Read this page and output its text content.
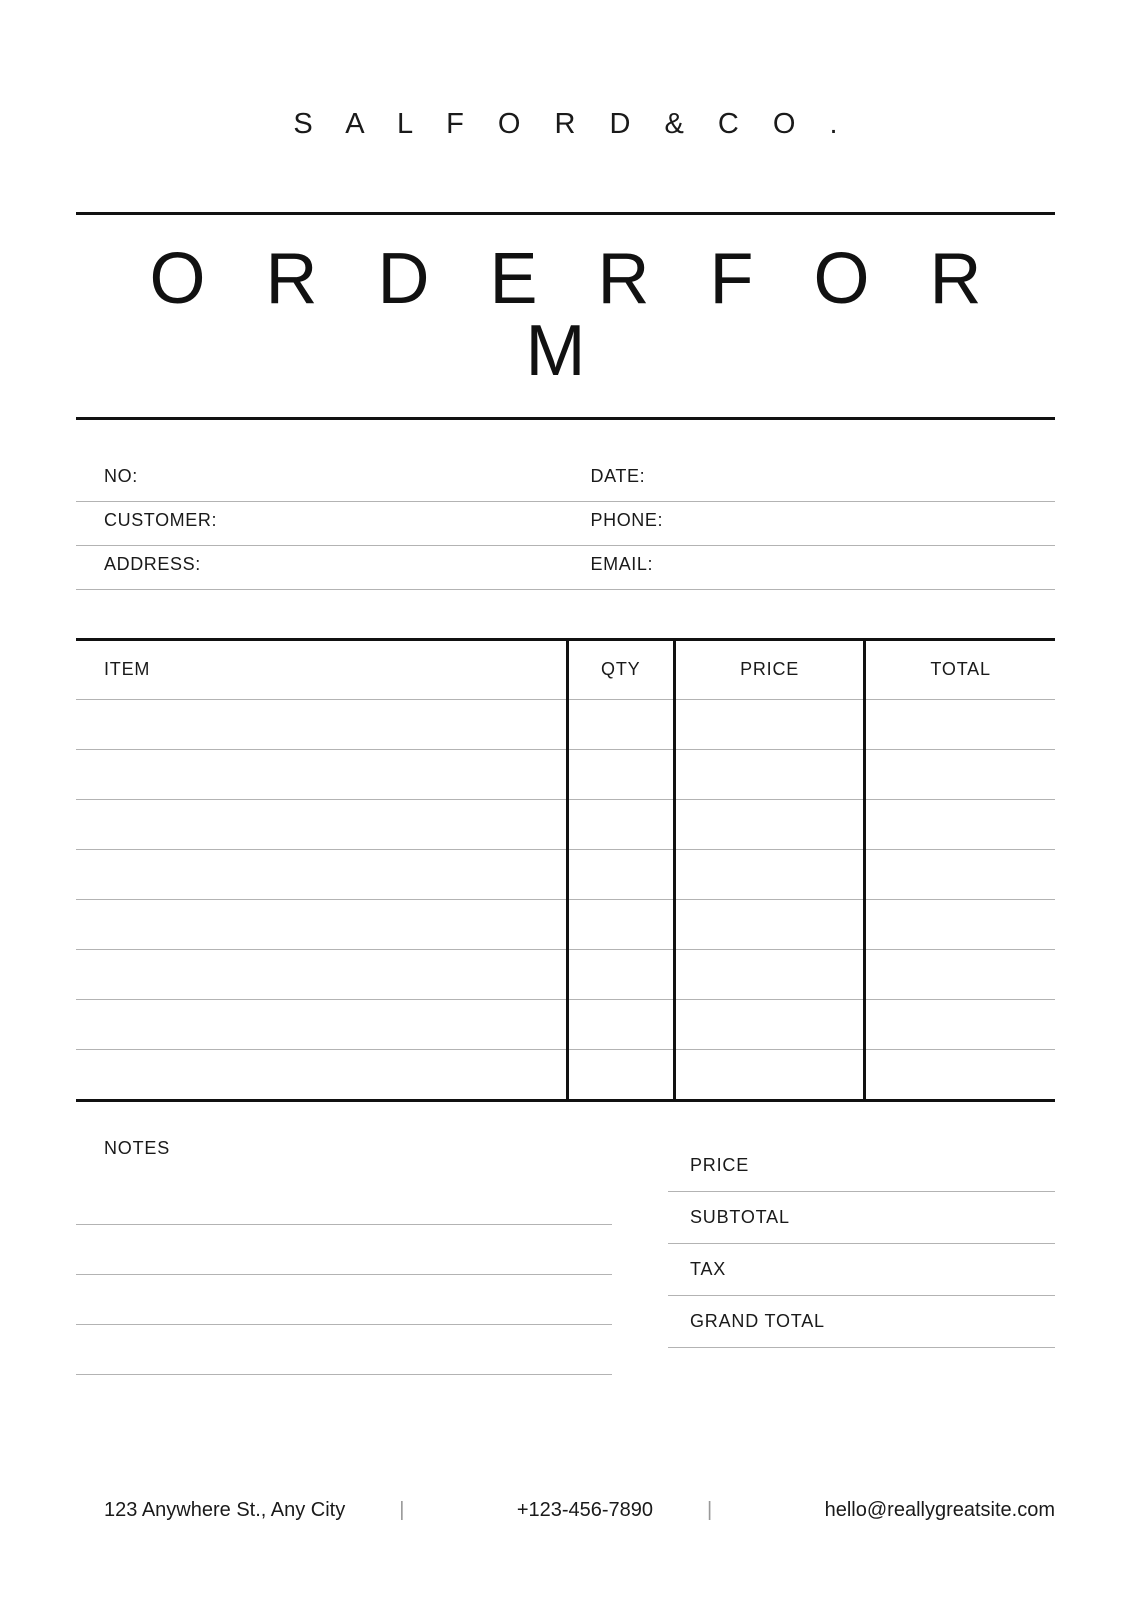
S A L F O R D & C O .
O R D E R F O R M
NO:	DATE:
CUSTOMER:	PHONE:
ADDRESS:	EMAIL:
ITEM	QTY	PRICE	TOTAL

NOTES
PRICE
SUBTOTAL
TAX
GRAND TOTAL
123 Anywhere St., Any City	|	+123-456-7890	|	hello@reallygreatsite.com
